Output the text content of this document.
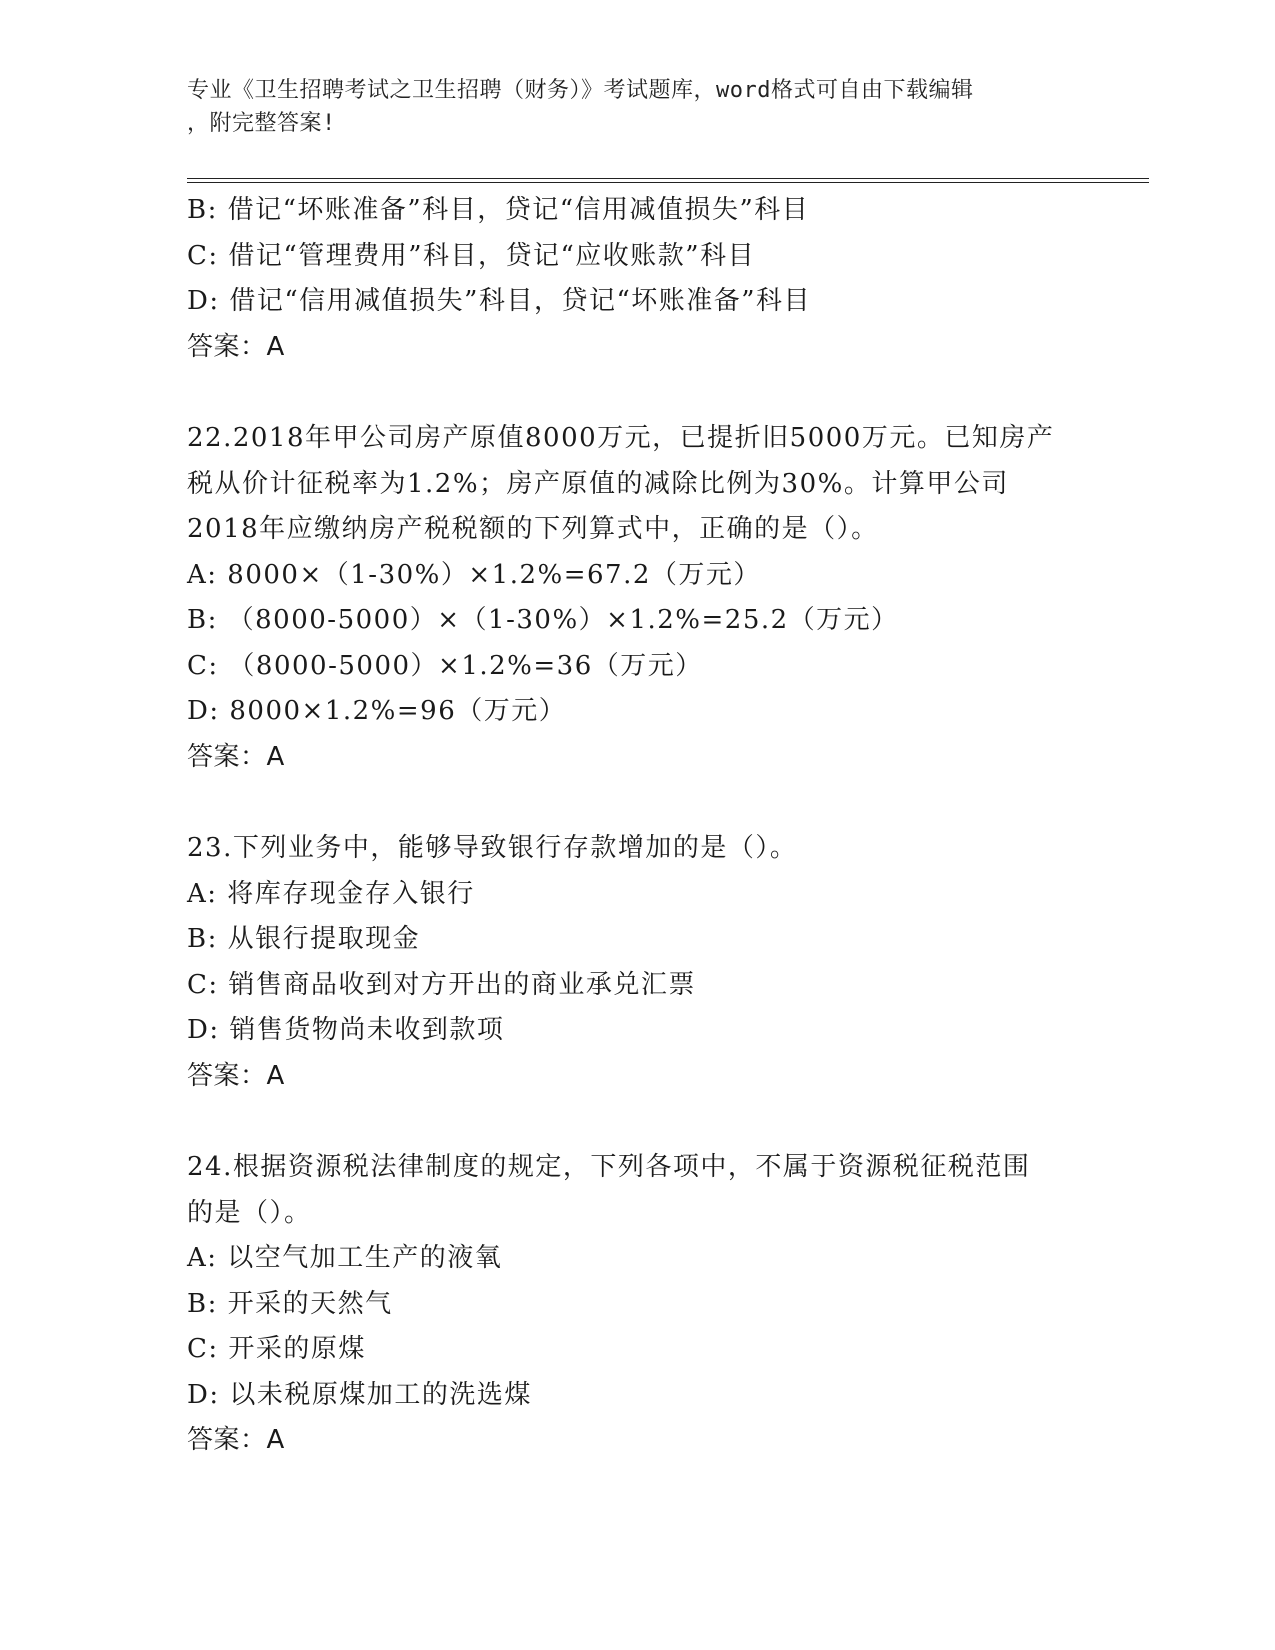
专业《卫生招聘考试之卫生招聘（财务）》考试题库，word格式可自由下载编辑
，附完整答案!
B: 借记“坏账准备”科目，贷记“信用减值损失”科目
C: 借记“管理费用”科目，贷记“应收账款”科目
D: 借记“信用减值损失”科目，贷记“坏账准备”科目
答案：A
22.2018年甲公司房产原值8000万元，已提折旧5000万元。已知房产
税从价计征税率为1.2%；房产原值的减除比例为30%。计算甲公司
2018年应缴纳房产税税额的下列算式中，正确的是（）。
A: 8000×（1-30%）×1.2%=67.2（万元）
B: （8000-5000）×（1-30%）×1.2%=25.2（万元）
C: （8000-5000）×1.2%=36（万元）
D: 8000×1.2%=96（万元）
答案：A
23.下列业务中，能够导致银行存款增加的是（）。
A: 将库存现金存入银行
B: 从银行提取现金
C: 销售商品收到对方开出的商业承兑汇票
D: 销售货物尚未收到款项
答案：A
24.根据资源税法律制度的规定，下列各项中，不属于资源税征税范围
的是（）。
A: 以空气加工生产的液氧
B: 开采的天然气
C: 开采的原煤
D: 以未税原煤加工的洗选煤
答案：A
